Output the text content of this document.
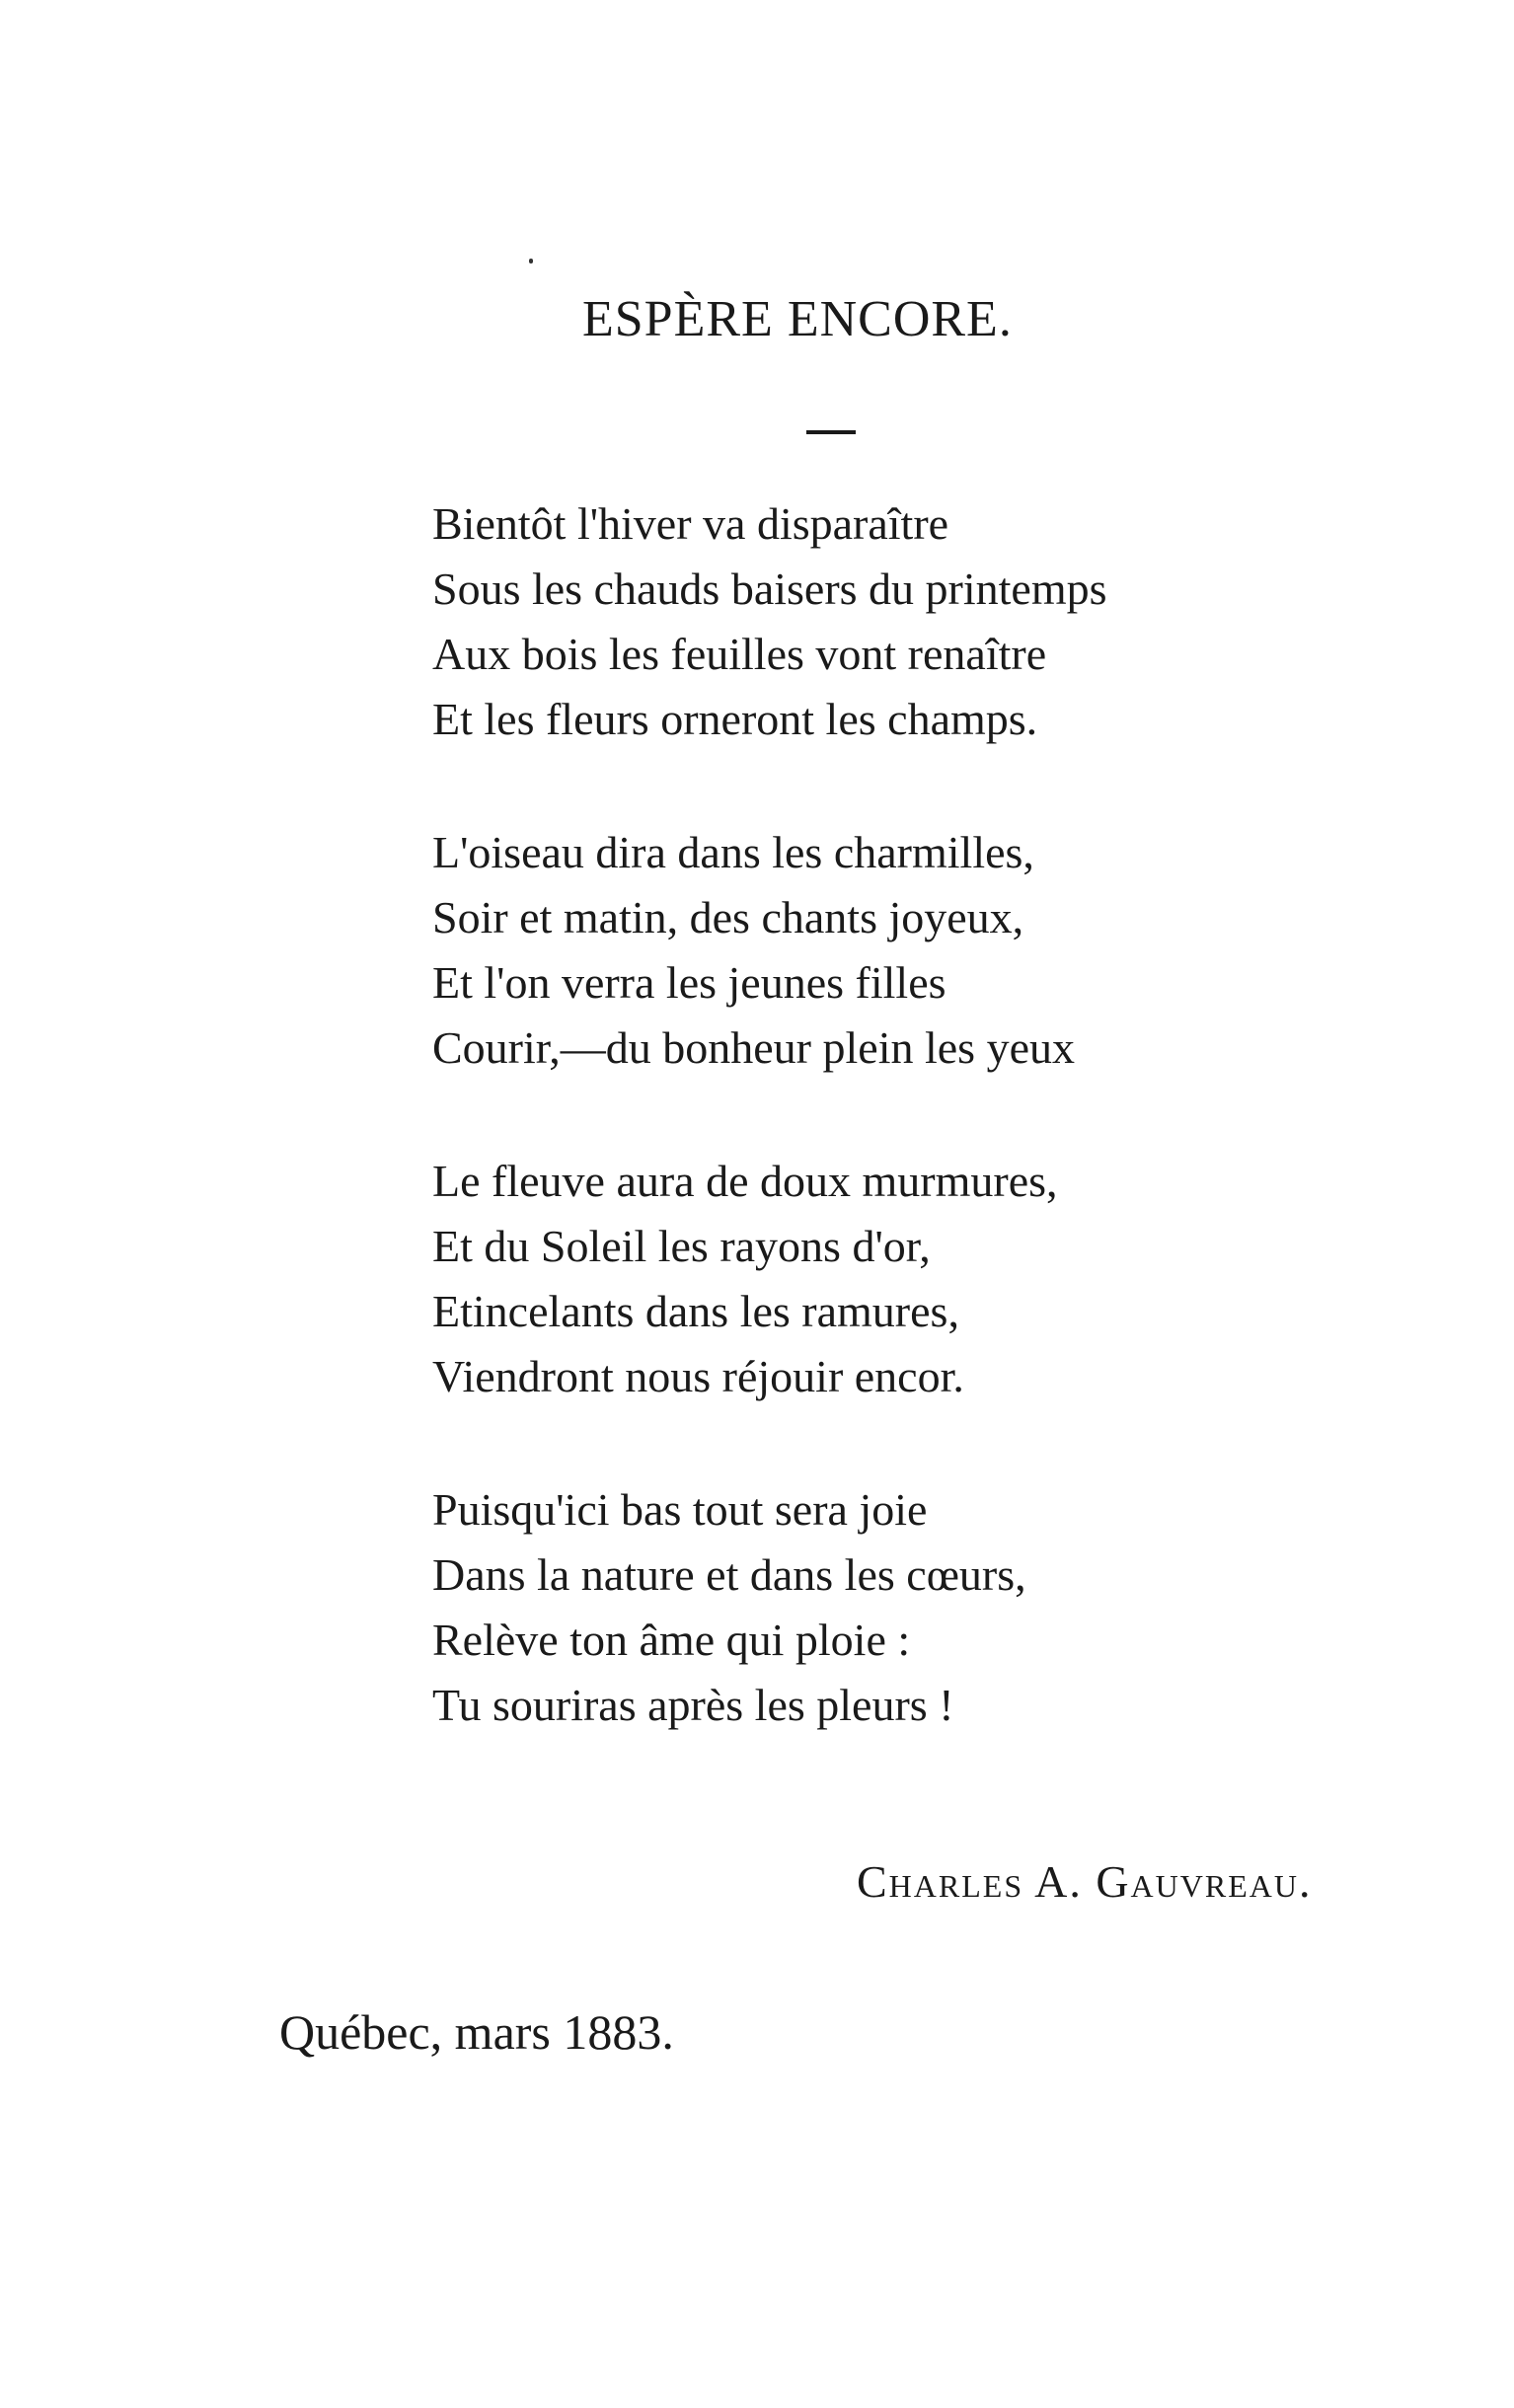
ESPÈRE ENCORE.
Bientôt l'hiver va disparaître
Sous les chauds baisers du printemps
Aux bois les feuilles vont renaître
Et les fleurs orneront les champs.
L'oiseau dira dans les charmilles,
Soir et matin, des chants joyeux,
Et l'on verra les jeunes filles
Courir,—du bonheur plein les yeux
Le fleuve aura de doux murmures,
Et du Soleil les rayons d'or,
Etincelants dans les ramures,
Viendront nous réjouir encor.
Puisqu'ici bas tout sera joie
Dans la nature et dans les cœurs,
Relève ton âme qui ploie :
Tu souriras après les pleurs !
Charles A. Gauvreau.
Québec, mars 1883.
